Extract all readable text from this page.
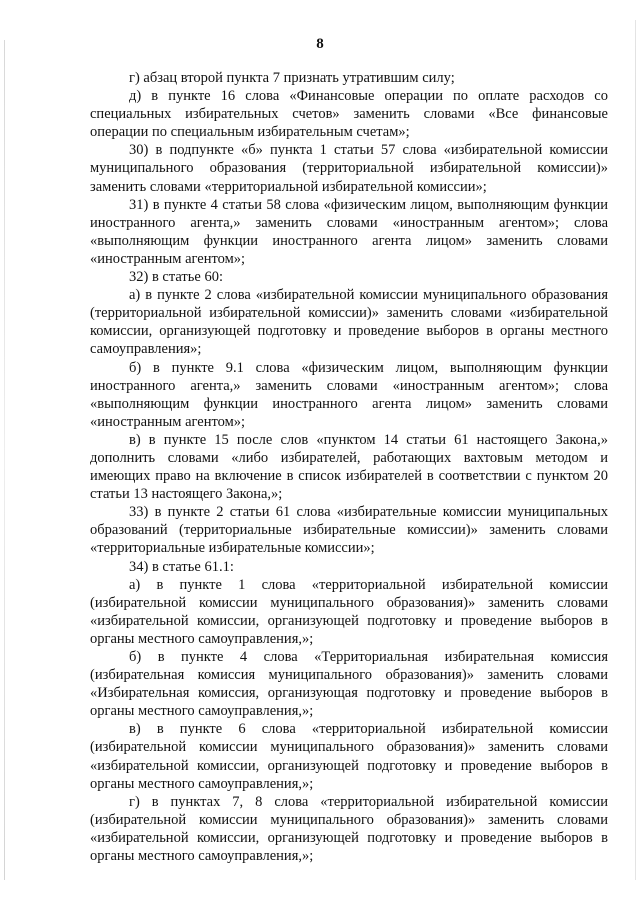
8

г) абзац второй пункта 7 признать утратившим силу;

д) в пункте 16 слова «Финансовые операции по оплате расходов со специальных избирательных счетов» заменить словами «Все финансовые операции по специальным избирательным счетам»;

30) в подпункте «б» пункта 1 статьи 57 слова «избирательной комиссии муниципального образования (территориальной избирательной комиссии)» заменить словами «территориальной избирательной комиссии»;

31) в пункте 4 статьи 58 слова «физическим лицом, выполняющим функции иностранного агента,» заменить словами «иностранным агентом»; слова «выполняющим функции иностранного агента лицом» заменить словами «иностранным агентом»;

32) в статье 60:

а) в пункте 2 слова «избирательной комиссии муниципального образования (территориальной избирательной комиссии)» заменить словами «избирательной комиссии, организующей подготовку и проведение выборов в органы местного самоуправления»;

б) в пункте 9.1 слова «физическим лицом, выполняющим функции иностранного агента,» заменить словами «иностранным агентом»; слова «выполняющим функции иностранного агента лицом» заменить словами «иностранным агентом»;

в) в пункте 15 после слов «пунктом 14 статьи 61 настоящего Закона,» дополнить словами «либо избирателей, работающих вахтовым методом и имеющих право на включение в список избирателей в соответствии с пунктом 20 статьи 13 настоящего Закона,»;

33) в пункте 2 статьи 61 слова «избирательные комиссии муниципальных образований (территориальные избирательные комиссии)» заменить словами «территориальные избирательные комиссии»;

34) в статье 61.1:

а) в пункте 1 слова «территориальной избирательной комиссии (избирательной комиссии муниципального образования)» заменить словами «избирательной комиссии, организующей подготовку и проведение выборов в органы местного самоуправления,»;

б) в пункте 4 слова «Территориальная избирательная комиссия (избирательная комиссия муниципального образования)» заменить словами «Избирательная комиссия, организующая подготовку и проведение выборов в органы местного самоуправления,»;

в) в пункте 6 слова «территориальной избирательной комиссии (избирательной комиссии муниципального образования)» заменить словами «избирательной комиссии, организующей подготовку и проведение выборов в органы местного самоуправления,»;

г) в пунктах 7, 8 слова «территориальной избирательной комиссии (избирательной комиссии муниципального образования)» заменить словами «избирательной комиссии, организующей подготовку и проведение выборов в органы местного самоуправления,»;
